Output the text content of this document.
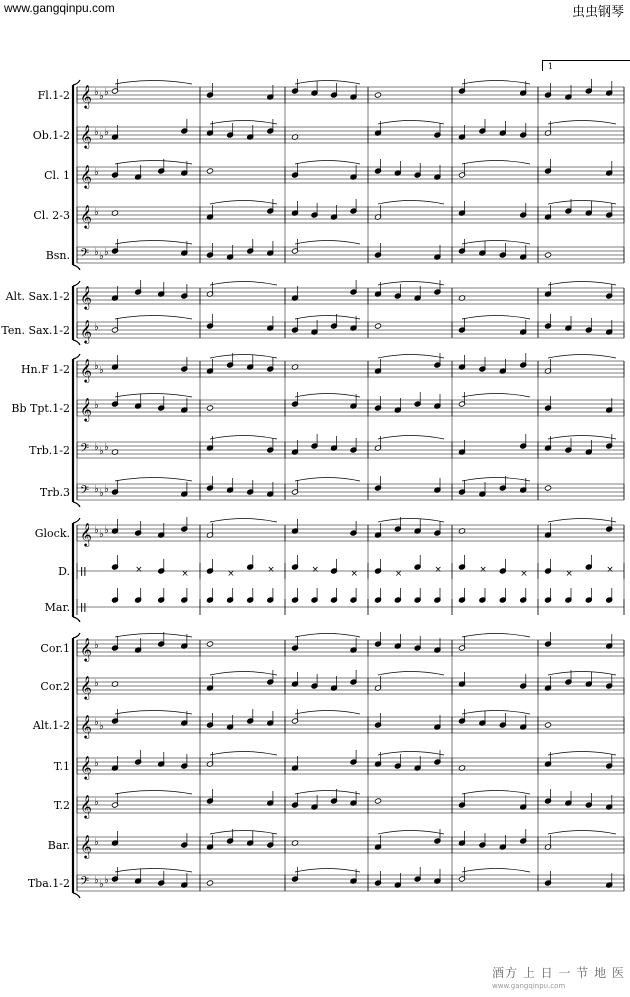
www.gangqinpu.com	虫虫钢琴
1
Fl.1-2
Ob.1-2
Cl. 1
Cl. 2-3
Bsn.
Alt. Sax.1-2
Ten. Sax.1-2
Hn.F 1-2
Bb Tpt.1-2
Trb.1-2
Trb.3
Glock.
D.
Mar.
Cor.1
Cor.2
Alt.1-2
T.1
T.2
Bar.
Tba.1-2
𝄞 ♭ ♭ ♭
𝄞 ♭ ♭ ♭
𝄞 ♭
𝄞 ♭
𝄢 ♭ ♭ ♭
𝄞
𝄞 ♭
𝄞 ♭ ♭
𝄞 ♭
𝄢 ♭ ♭ ♭
𝄢 ♭ ♭ ♭
𝄞 ♭ ♭ ♭
||	×	×	×	×	×	×	×	×	×	×	×	×
||
𝄞 ♭
𝄞 ♭
𝄞 ♭ ♭
𝄞 ♭
𝄞 ♭
𝄞 ♭
𝄢 ♭ ♭ ♭
酒方 上 日 一 节 地 医
www.gangqinpu.com
